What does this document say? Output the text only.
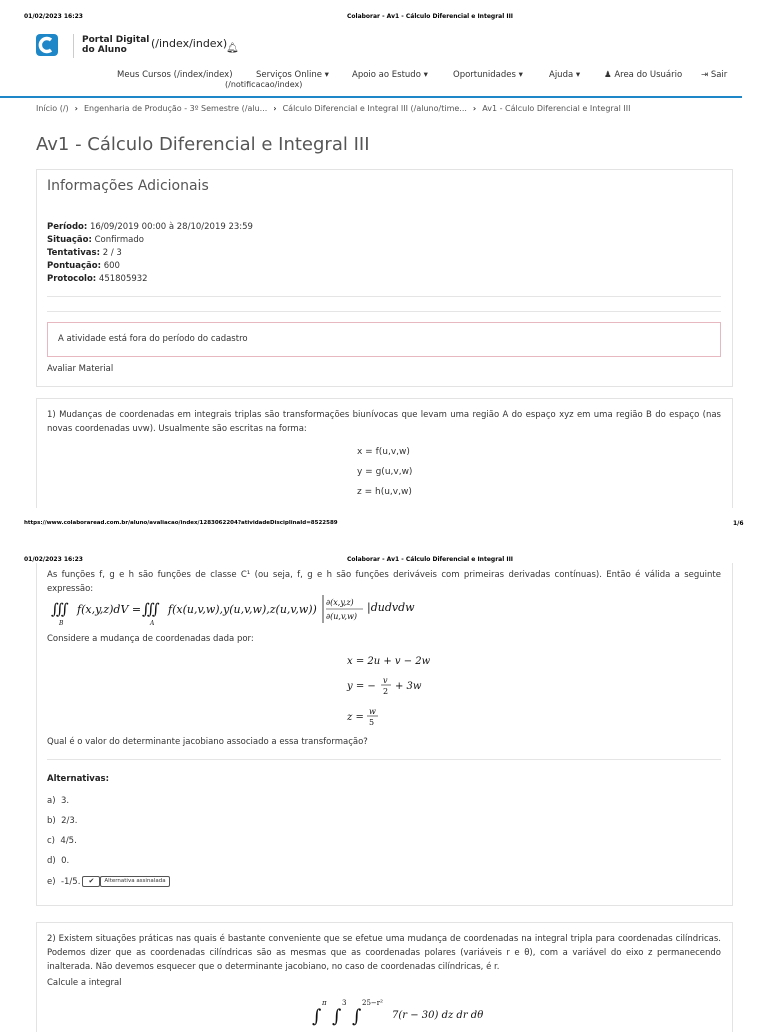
01/02/2023 16:23	Colaborar - Av1 - Cálculo Diferencial e Integral III
Portal Digital do Aluno	(/index/index)
🔔︎
Meus Cursos (/index/index)	Serviços Online ▾	Apoio ao Estudo ▾	Oportunidades ▾	Ajuda ▾	♟ Area do Usuário ⇥ Sair
(/notificacao/index)
Início (/) › Engenharia de Produção - 3º Semestre (/alu... › Cálculo Diferencial e Integral III (/aluno/time... › Av1 - Cálculo Diferencial e Integral III
Av1 - Cálculo Diferencial e Integral III
Informações Adicionais
Período: 16/09/2019 00:00 à 28/10/2019 23:59
Situação: Confirmado
Tentativas: 2 / 3
Pontuação: 600
Protocolo: 451805932
A atividade está fora do período do cadastro
Avaliar Material
1) Mudanças de coordenadas em integrais triplas são transformações biunívocas que levam uma região A do espaço xyz em uma região B do espaço (nas novas coordenadas uvw). Usualmente são escritas na forma:
x = f(u,v,w)
y = g(u,v,w)
z = h(u,v,w)
https://www.colaboraread.com.br/aluno/avaliacao/index/1283062204?atividadeDisciplinaId=8522589	1/6
01/02/2023 16:23	Colaborar - Av1 - Cálculo Diferencial e Integral III
As funções f, g e h são funções de classe C¹ (ou seja, f, g e h são funções deriváveis com primeiras derivadas contínuas). Então é válida a seguinte expressão:
∭
B
f(x,y,z)dV = ∭
A
f(x(u,v,w),y(u,v,w),z(u,v,w))
∂(x,y,z)
∂(u,v,w)
|dudvdw
Considere a mudança de coordenadas dada por:
x = 2u + v − 2w
y = −
v
2 + 3w
z =
w
5
Qual é o valor do determinante jacobiano associado a essa transformação?
Alternativas:
a) 3.
b) 2/3.
c) 4/5.
d) 0.
e) -1/5. ✔ Alternativa assinalada
2) Existem situações práticas nas quais é bastante conveniente que se efetue uma mudança de coordenadas na integral tripla para coordenadas cilíndricas. Podemos dizer que as coordenadas cilíndricas são as mesmas que as coordenadas polares (variáveis r e θ), com a variável do eixo z permanecendo inalterada. Não devemos esquecer que o determinante jacobiano, no caso de coordenadas cilíndricas, é r.
Calcule a integral
∫
π
∫
3
∫
25−r²
7(r − 30) dz dr dθ
